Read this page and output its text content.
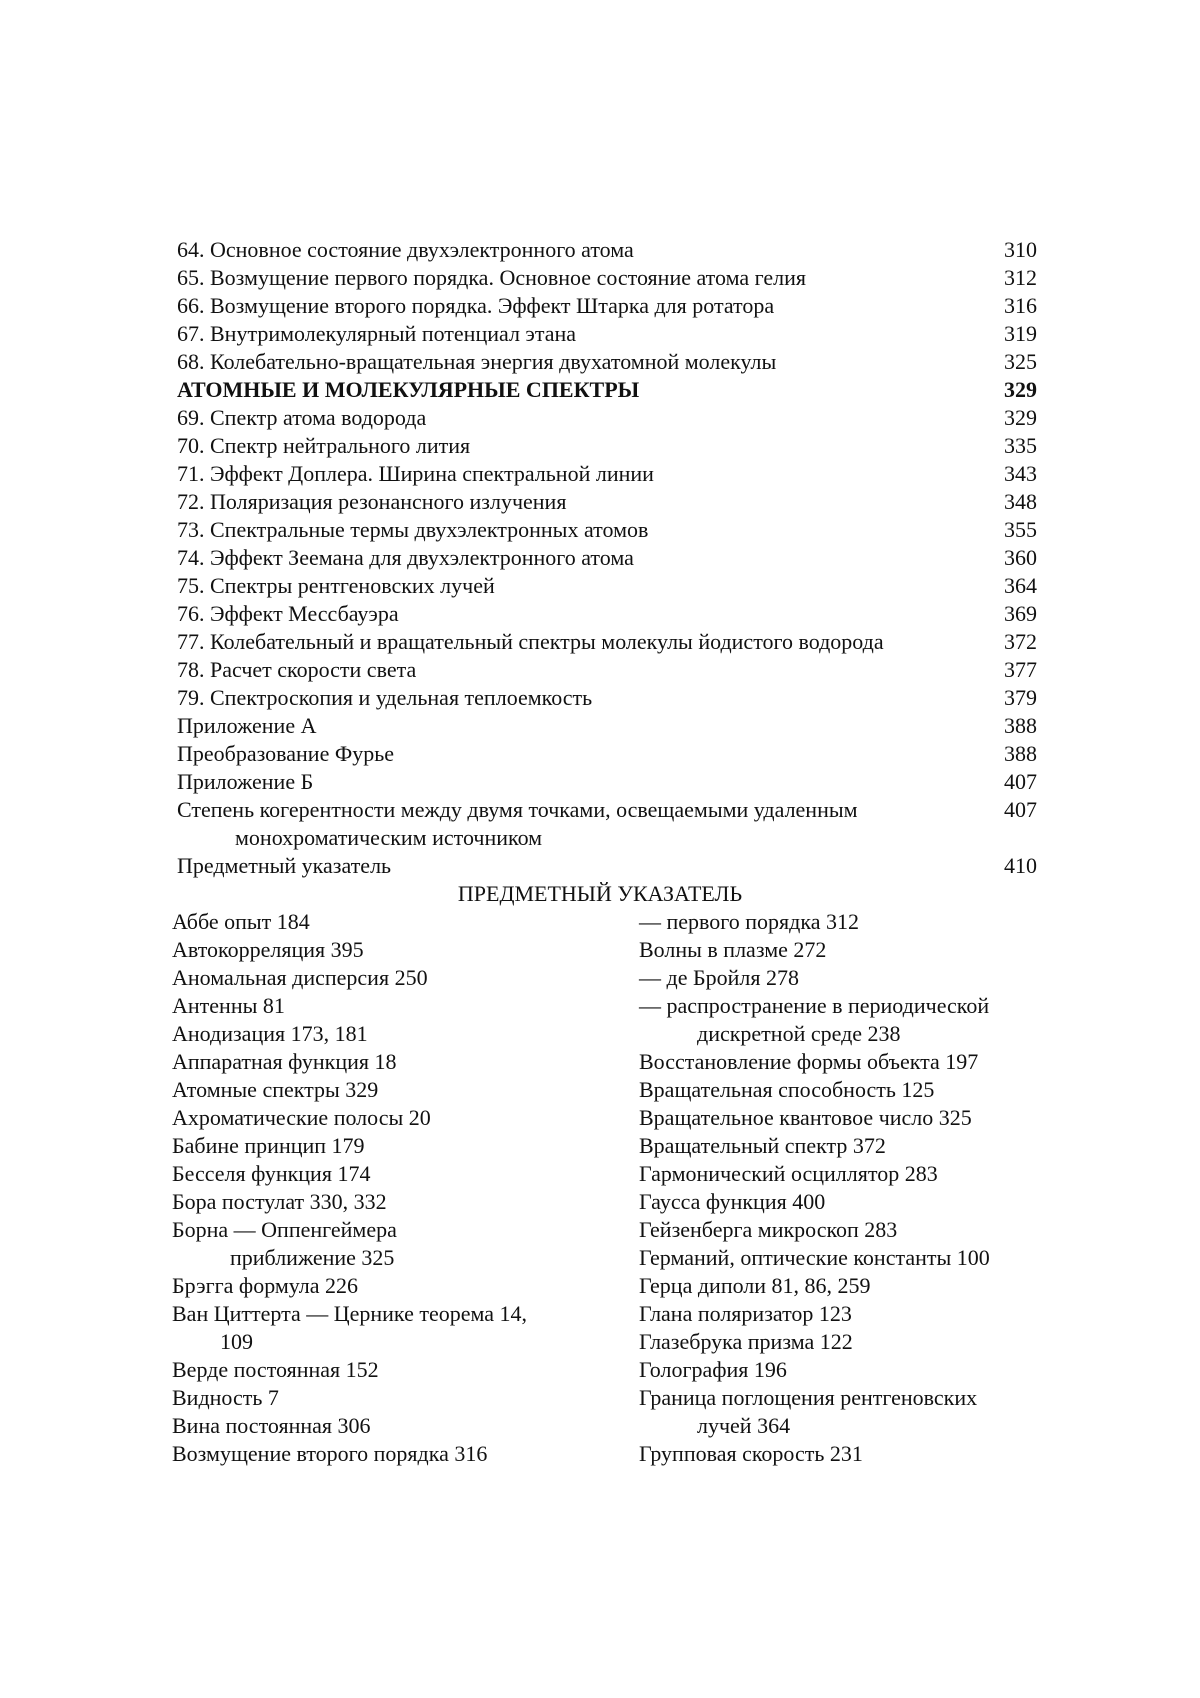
64. Основное состояние двухэлектронного атома	310
65. Возмущение первого порядка. Основное состояние атома гелия	312
66. Возмущение второго порядка. Эффект Штарка для ротатора	316
67. Внутримолекулярный потенциал этана	319
68. Колебательно-вращательная энергия двухатомной молекулы	325
АТОМНЫЕ И МОЛЕКУЛЯРНЫЕ СПЕКТРЫ	329
69. Спектр атома водорода	329
70. Спектр нейтрального лития	335
71. Эффект Доплера. Ширина спектральной линии	343
72. Поляризация резонансного излучения	348
73. Спектральные термы двухэлектронных атомов	355
74. Эффект Зеемана для двухэлектронного атома	360
75. Спектры рентгеновских лучей	364
76. Эффект Мессбауэра	369
77. Колебательный и вращательный спектры молекулы йодистого водорода	372
78. Расчет скорости света	377
79. Спектроскопия и удельная теплоемкость	379
Приложение А	388
Преобразование Фурье	388
Приложение Б	407
Степень когерентности между двумя точками, освещаемыми удаленным
монохроматическим источником
407
Предметный указатель	410
ПРЕДМЕТНЫЙ УКАЗАТЕЛЬ
Аббе опыт 184
Автокорреляция 395
Аномальная дисперсия 250
Антенны 81
Анодизация 173, 181
Аппаратная функция 18
Атомные спектры 329
Ахроматические полосы 20
Бабине принцип 179
Бесселя функция 174
Бора постулат 330, 332
Борна — Оппенгеймера
приближение 325
Брэгга формула 226
Ван Циттерта — Цернике теорема 14,
109
Верде постоянная 152
Видность 7
Вина постоянная 306
Возмущение второго порядка 316
— первого порядка 312
Волны в плазме 272
— де Бройля 278
— распространение в периодической
дискретной среде 238
Восстановление формы объекта 197
Вращательная способность 125
Вращательное квантовое число 325
Вращательный спектр 372
Гармонический осциллятор 283
Гаусса функция 400
Гейзенберга микроскоп 283
Германий, оптические константы 100
Герца диполи 81, 86, 259
Глана поляризатор 123
Глазебрука призма 122
Голография 196
Граница поглощения рентгеновских
лучей 364
Групповая скорость 231
